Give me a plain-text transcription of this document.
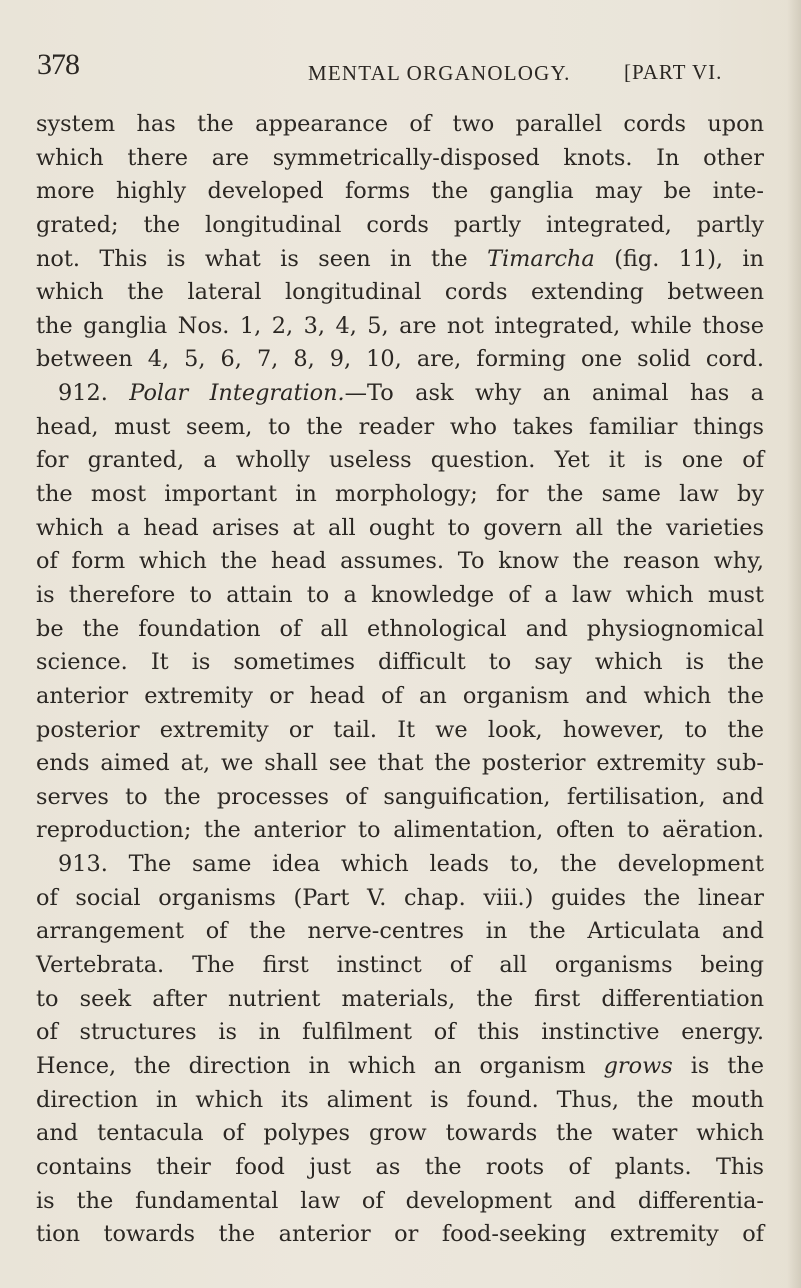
378	MENTAL ORGANOLOGY.	[PART VI.
system has the appearance of two parallel cords upon
which there are symmetrically-disposed knots. In other
more highly developed forms the ganglia may be inte-
grated; the longitudinal cords partly integrated, partly
not. This is what is seen in the Timarcha (fig. 11), in
which the lateral longitudinal cords extending between
the ganglia Nos. 1, 2, 3, 4, 5, are not integrated, while those
between 4, 5, 6, 7, 8, 9, 10, are, forming one solid cord.
912. Polar Integration.—To ask why an animal has a
head, must seem, to the reader who takes familiar things
for granted, a wholly useless question. Yet it is one of
the most important in morphology; for the same law by
which a head arises at all ought to govern all the varieties
of form which the head assumes. To know the reason why,
is therefore to attain to a knowledge of a law which must
be the foundation of all ethnological and physiognomical
science. It is sometimes difficult to say which is the
anterior extremity or head of an organism and which the
posterior extremity or tail. It we look, however, to the
ends aimed at, we shall see that the posterior extremity sub-
serves to the processes of sanguification, fertilisation, and
reproduction; the anterior to alimentation, often to aëration.
913. The same idea which leads to, the development
of social organisms (Part V. chap. viii.) guides the linear
arrangement of the nerve-centres in the Articulata and
Vertebrata. The first instinct of all organisms being
to seek after nutrient materials, the first differentiation
of structures is in fulfilment of this instinctive energy.
Hence, the direction in which an organism grows is the
direction in which its aliment is found. Thus, the mouth
and tentacula of polypes grow towards the water which
contains their food just as the roots of plants. This
is the fundamental law of development and differentia-
tion towards the anterior or food-seeking extremity of
